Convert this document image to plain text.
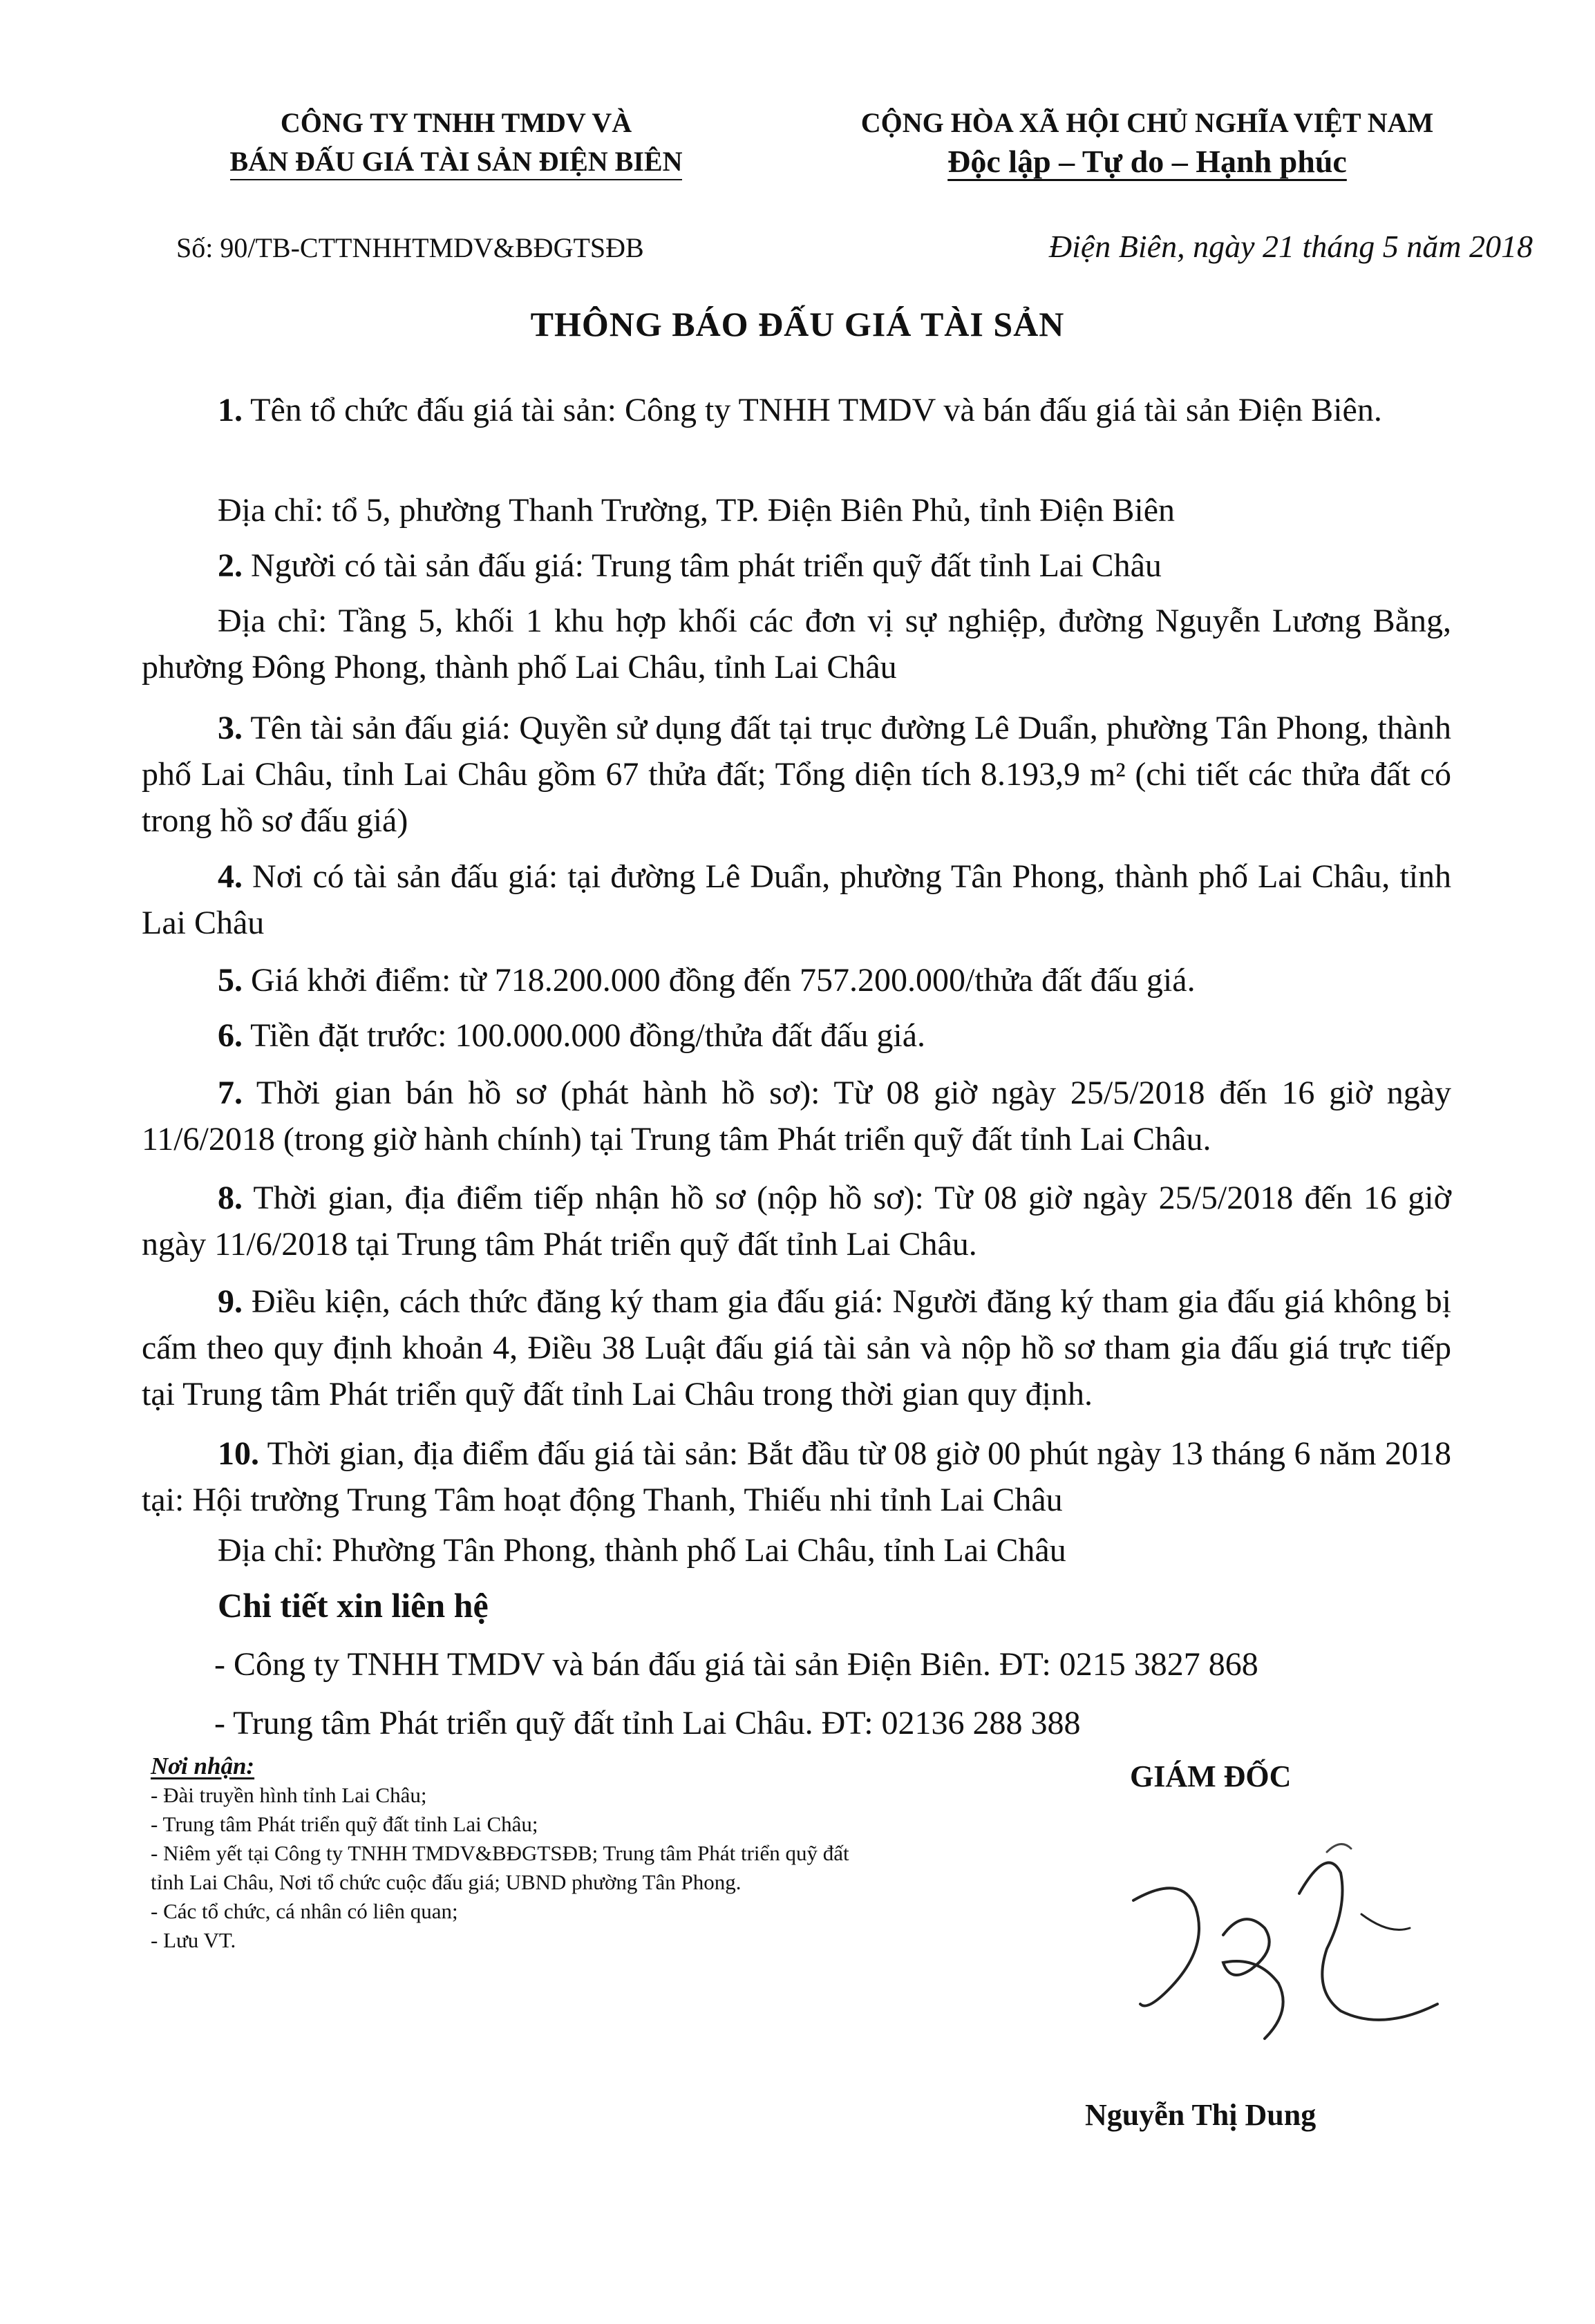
CÔNG TY TNHH TMDV VÀ
BÁN ĐẤU GIÁ TÀI SẢN ĐIỆN BIÊN
CỘNG HÒA XÃ HỘI CHỦ NGHĨA VIỆT NAM
Độc lập – Tự do – Hạnh phúc
Số: 90/TB-CTTNHHTMDV&BĐGTSĐB	Điện Biên, ngày 21 tháng 5 năm 2018
THÔNG BÁO ĐẤU GIÁ TÀI SẢN
1. Tên tổ chức đấu giá tài sản: Công ty TNHH TMDV và bán đấu giá tài sản Điện Biên.
Địa chỉ: tổ 5, phường Thanh Trường, TP. Điện Biên Phủ, tỉnh Điện Biên
2. Người có tài sản đấu giá: Trung tâm phát triển quỹ đất tỉnh Lai Châu
Địa chỉ: Tầng 5, khối 1 khu hợp khối các đơn vị sự nghiệp, đường Nguyễn Lương Bằng, phường Đông Phong, thành phố Lai Châu, tỉnh Lai Châu
3. Tên tài sản đấu giá: Quyền sử dụng đất tại trục đường Lê Duẩn, phường Tân Phong, thành phố Lai Châu, tỉnh Lai Châu gồm 67 thửa đất; Tổng diện tích 8.193,9 m² (chi tiết các thửa đất có trong hồ sơ đấu giá)
4. Nơi có tài sản đấu giá: tại đường Lê Duẩn, phường Tân Phong, thành phố Lai Châu, tỉnh Lai Châu
5. Giá khởi điểm: từ 718.200.000 đồng đến 757.200.000/thửa đất đấu giá.
6. Tiền đặt trước: 100.000.000 đồng/thửa đất đấu giá.
7. Thời gian bán hồ sơ (phát hành hồ sơ): Từ 08 giờ ngày 25/5/2018 đến 16 giờ ngày 11/6/2018 (trong giờ hành chính) tại Trung tâm Phát triển quỹ đất tỉnh Lai Châu.
8. Thời gian, địa điểm tiếp nhận hồ sơ (nộp hồ sơ): Từ 08 giờ ngày 25/5/2018 đến 16 giờ ngày 11/6/2018 tại Trung tâm Phát triển quỹ đất tỉnh Lai Châu.
9. Điều kiện, cách thức đăng ký tham gia đấu giá: Người đăng ký tham gia đấu giá không bị cấm theo quy định khoản 4, Điều 38 Luật đấu giá tài sản và nộp hồ sơ tham gia đấu giá trực tiếp tại Trung tâm Phát triển quỹ đất tỉnh Lai Châu trong thời gian quy định.
10. Thời gian, địa điểm đấu giá tài sản: Bắt đầu từ 08 giờ 00 phút ngày 13 tháng 6 năm 2018 tại: Hội trường Trung Tâm hoạt động Thanh, Thiếu nhi tỉnh Lai Châu
Địa chỉ: Phường Tân Phong, thành phố Lai Châu, tỉnh Lai Châu
Chi tiết xin liên hệ
- Công ty TNHH TMDV và bán đấu giá tài sản Điện Biên. ĐT: 0215 3827 868
- Trung tâm Phát triển quỹ đất tỉnh Lai Châu. ĐT: 02136 288 388
Nơi nhận:
- Đài truyền hình tỉnh Lai Châu;
- Trung tâm Phát triển quỹ đất tỉnh Lai Châu;
- Niêm yết tại Công ty TNHH TMDV&BĐGTSĐB; Trung tâm Phát triển quỹ đất tỉnh Lai Châu, Nơi tổ chức cuộc đấu giá; UBND phường Tân Phong.
- Các tổ chức, cá nhân có liên quan;
- Lưu VT.
GIÁM ĐỐC
Nguyễn Thị Dung
